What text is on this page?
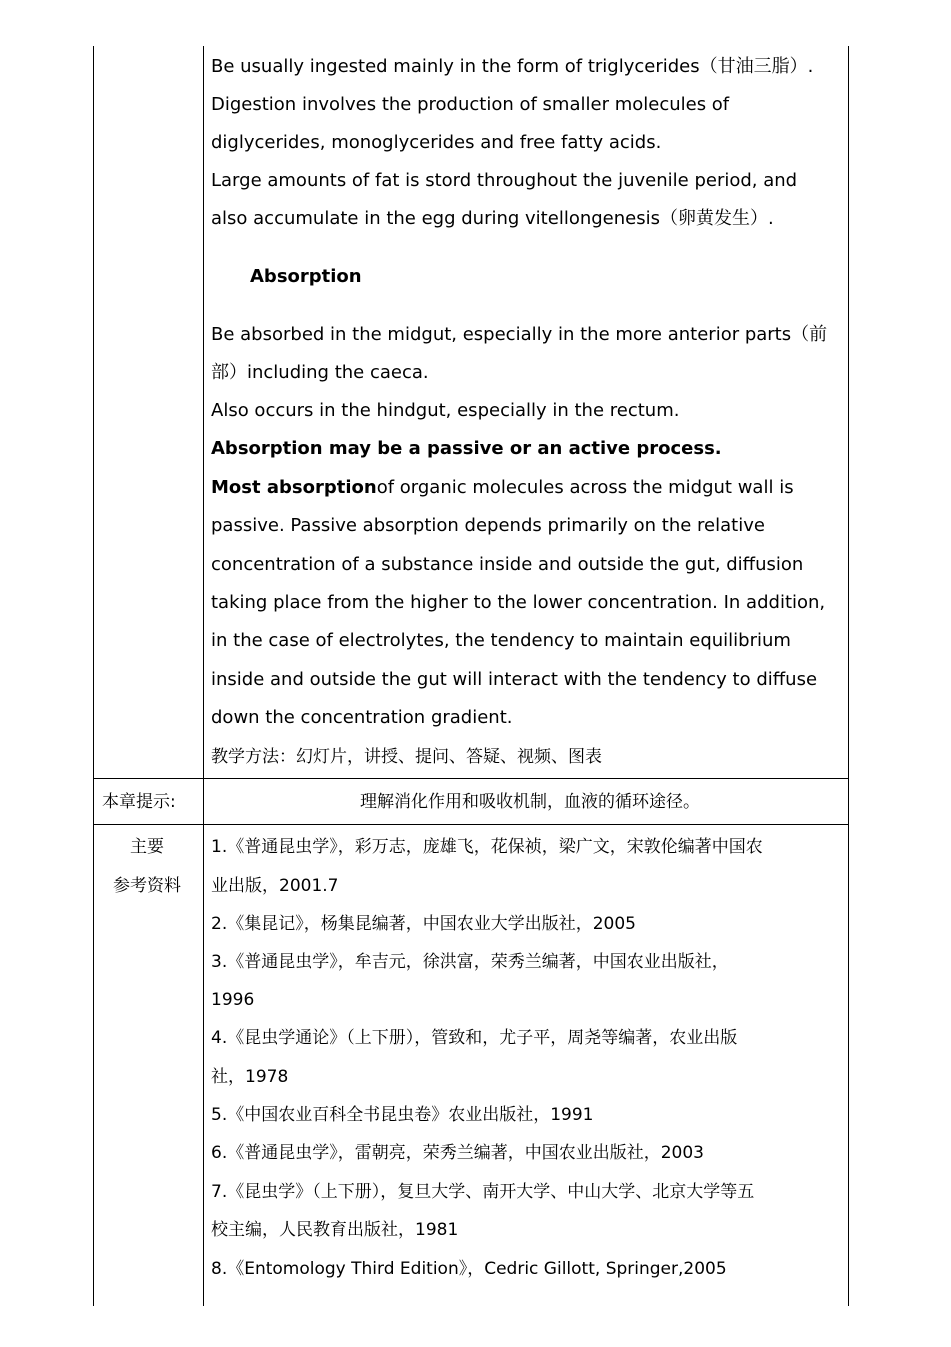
Be usually ingested mainly in the form of triglycerides（甘油三脂）.
Digestion involves the production of smaller molecules of
diglycerides, monoglycerides and free fatty acids.
Large amounts of fat is stord throughout the juvenile period, and
also accumulate in the egg during vitellongenesis（卵黄发生）.
Absorption
Be absorbed in the midgut, especially in the more anterior parts（前
部）including the caeca.
Also occurs in the hindgut, especially in the rectum.
Absorption may be a passive or an active process.
Most absorptionof organic molecules across the midgut wall is
passive. Passive absorption depends primarily on the relative
concentration of a substance inside and outside the gut, diffusion
taking place from the higher to the lower concentration. In addition,
in the case of electrolytes, the tendency to maintain equilibrium
inside and outside the gut will interact with the tendency to diffuse
down the concentration gradient.
教学方法：幻灯片，讲授、提问、答疑、视频、图表
本章提示:	理解消化作用和吸收机制，血液的循环途径。
主要
参考资料
1.《普通昆虫学》，彩万志，庞雄飞，花保祯，梁广文，宋敦伦编著中国农
业出版，2001.7
2.《集昆记》，杨集昆编著，中国农业大学出版社，2005
3.《普通昆虫学》，牟吉元，徐洪富，荣秀兰编著，中国农业出版社，
1996
4.《昆虫学通论》（上下册），管致和，尤子平，周尧等编著，农业出版
社，1978
5.《中国农业百科全书昆虫卷》农业出版社，1991
6.《普通昆虫学》，雷朝亮，荣秀兰编著，中国农业出版社，2003
7.《昆虫学》（上下册），复旦大学、南开大学、中山大学、北京大学等五
校主编，人民教育出版社，1981
8.《Entomology Third Edition》，Cedric Gillott, Springer,2005
